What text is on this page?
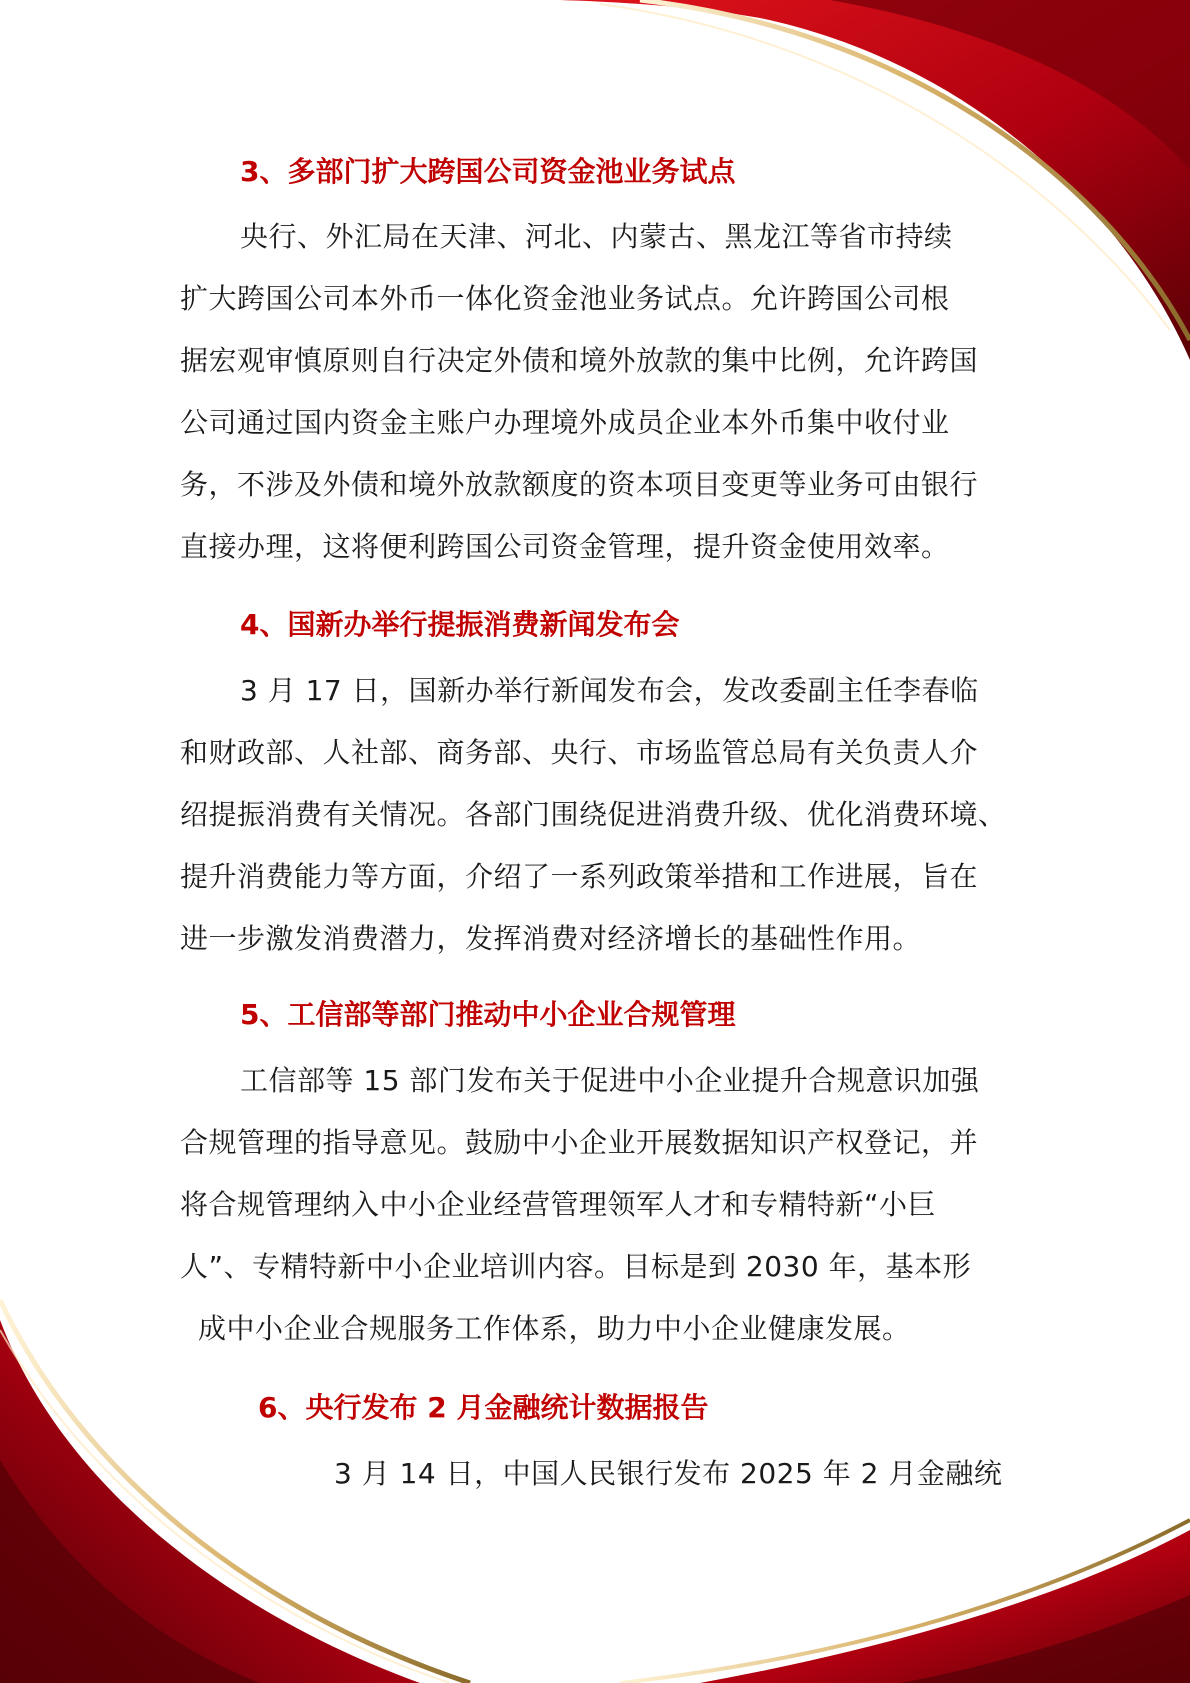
3、多部门扩大跨国公司资金池业务试点
央行、外汇局在天津、河北、内蒙古、黑龙江等省市持续
扩大跨国公司本外币一体化资金池业务试点。允许跨国公司根
据宏观审慎原则自行决定外债和境外放款的集中比例，允许跨国
公司通过国内资金主账户办理境外成员企业本外币集中收付业
务，不涉及外债和境外放款额度的资本项目变更等业务可由银行
直接办理，这将便利跨国公司资金管理，提升资金使用效率。
4、国新办举行提振消费新闻发布会
3 月 17 日，国新办举行新闻发布会，发改委副主任李春临
和财政部、人社部、商务部、央行、市场监管总局有关负责人介
绍提振消费有关情况。各部门围绕促进消费升级、优化消费环境、
提升消费能力等方面，介绍了一系列政策举措和工作进展，旨在
进一步激发消费潜力，发挥消费对经济增长的基础性作用。
5、工信部等部门推动中小企业合规管理
工信部等 15 部门发布关于促进中小企业提升合规意识加强
合规管理的指导意见。鼓励中小企业开展数据知识产权登记，并
将合规管理纳入中小企业经营管理领军人才和专精特新“小巨
人”、专精特新中小企业培训内容。目标是到 2030 年，基本形
成中小企业合规服务工作体系，助力中小企业健康发展。
6、央行发布 2 月金融统计数据报告
3 月 14 日，中国人民银行发布 2025 年 2 月金融统
